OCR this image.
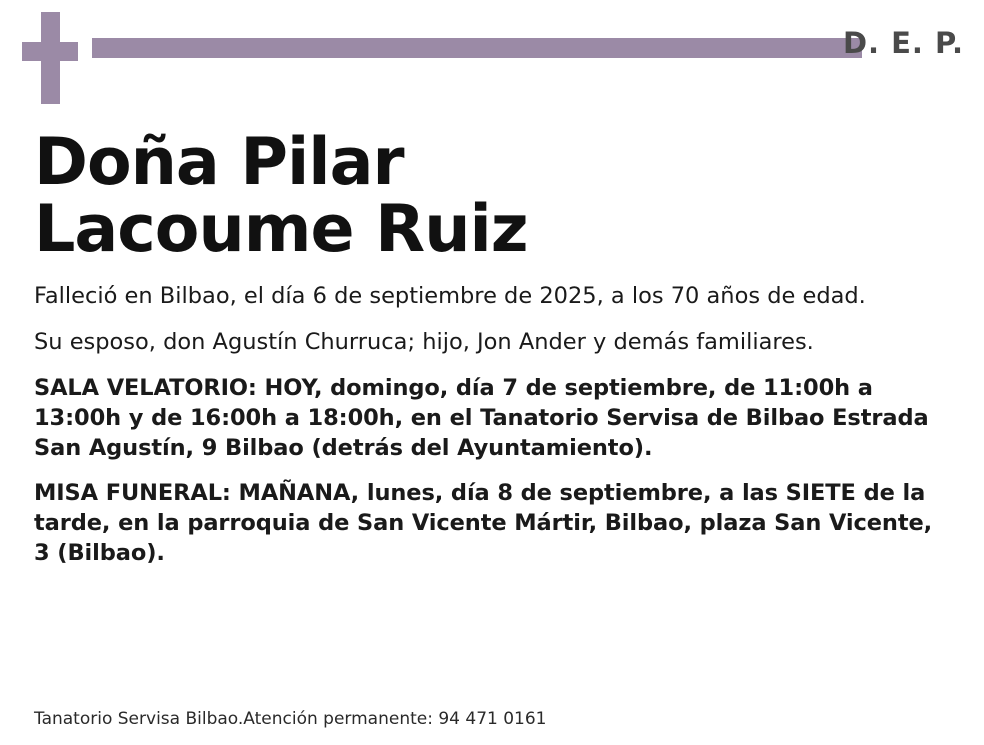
D. E. P.
Doña Pilar
Lacoume Ruiz

Falleció en Bilbao, el día 6 de septiembre de 2025, a los 70 años de edad.

Su esposo, don Agustín Churruca; hijo, Jon Ander y demás familiares.

SALA VELATORIO: HOY, domingo, día 7 de septiembre, de 11:00h a 13:00h y de 16:00h a 18:00h, en el Tanatorio Servisa de Bilbao Estrada San Agustín, 9 Bilbao (detrás del Ayuntamiento).

MISA FUNERAL: MAÑANA, lunes, día 8 de septiembre, a las SIETE de la tarde, en la parroquia de San Vicente Mártir, Bilbao, plaza San Vicente, 3 (Bilbao).

Tanatorio Servisa Bilbao.Atención permanente: 94 471 0161
